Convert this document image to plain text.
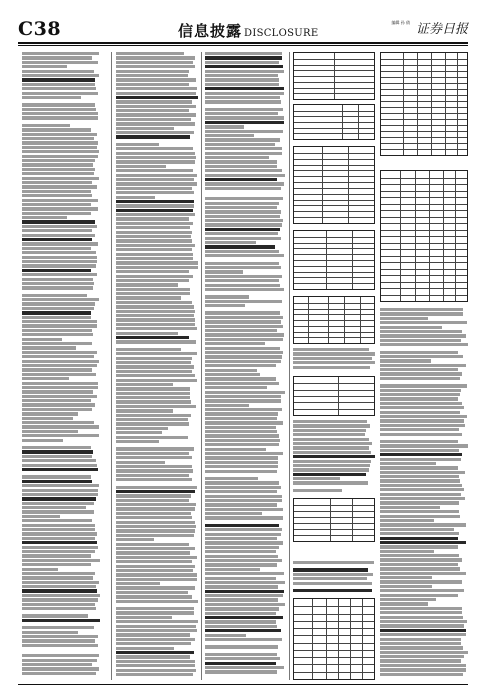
C38	信息披露 DISCLOSURE
编辑 孙 倩 证券日报
